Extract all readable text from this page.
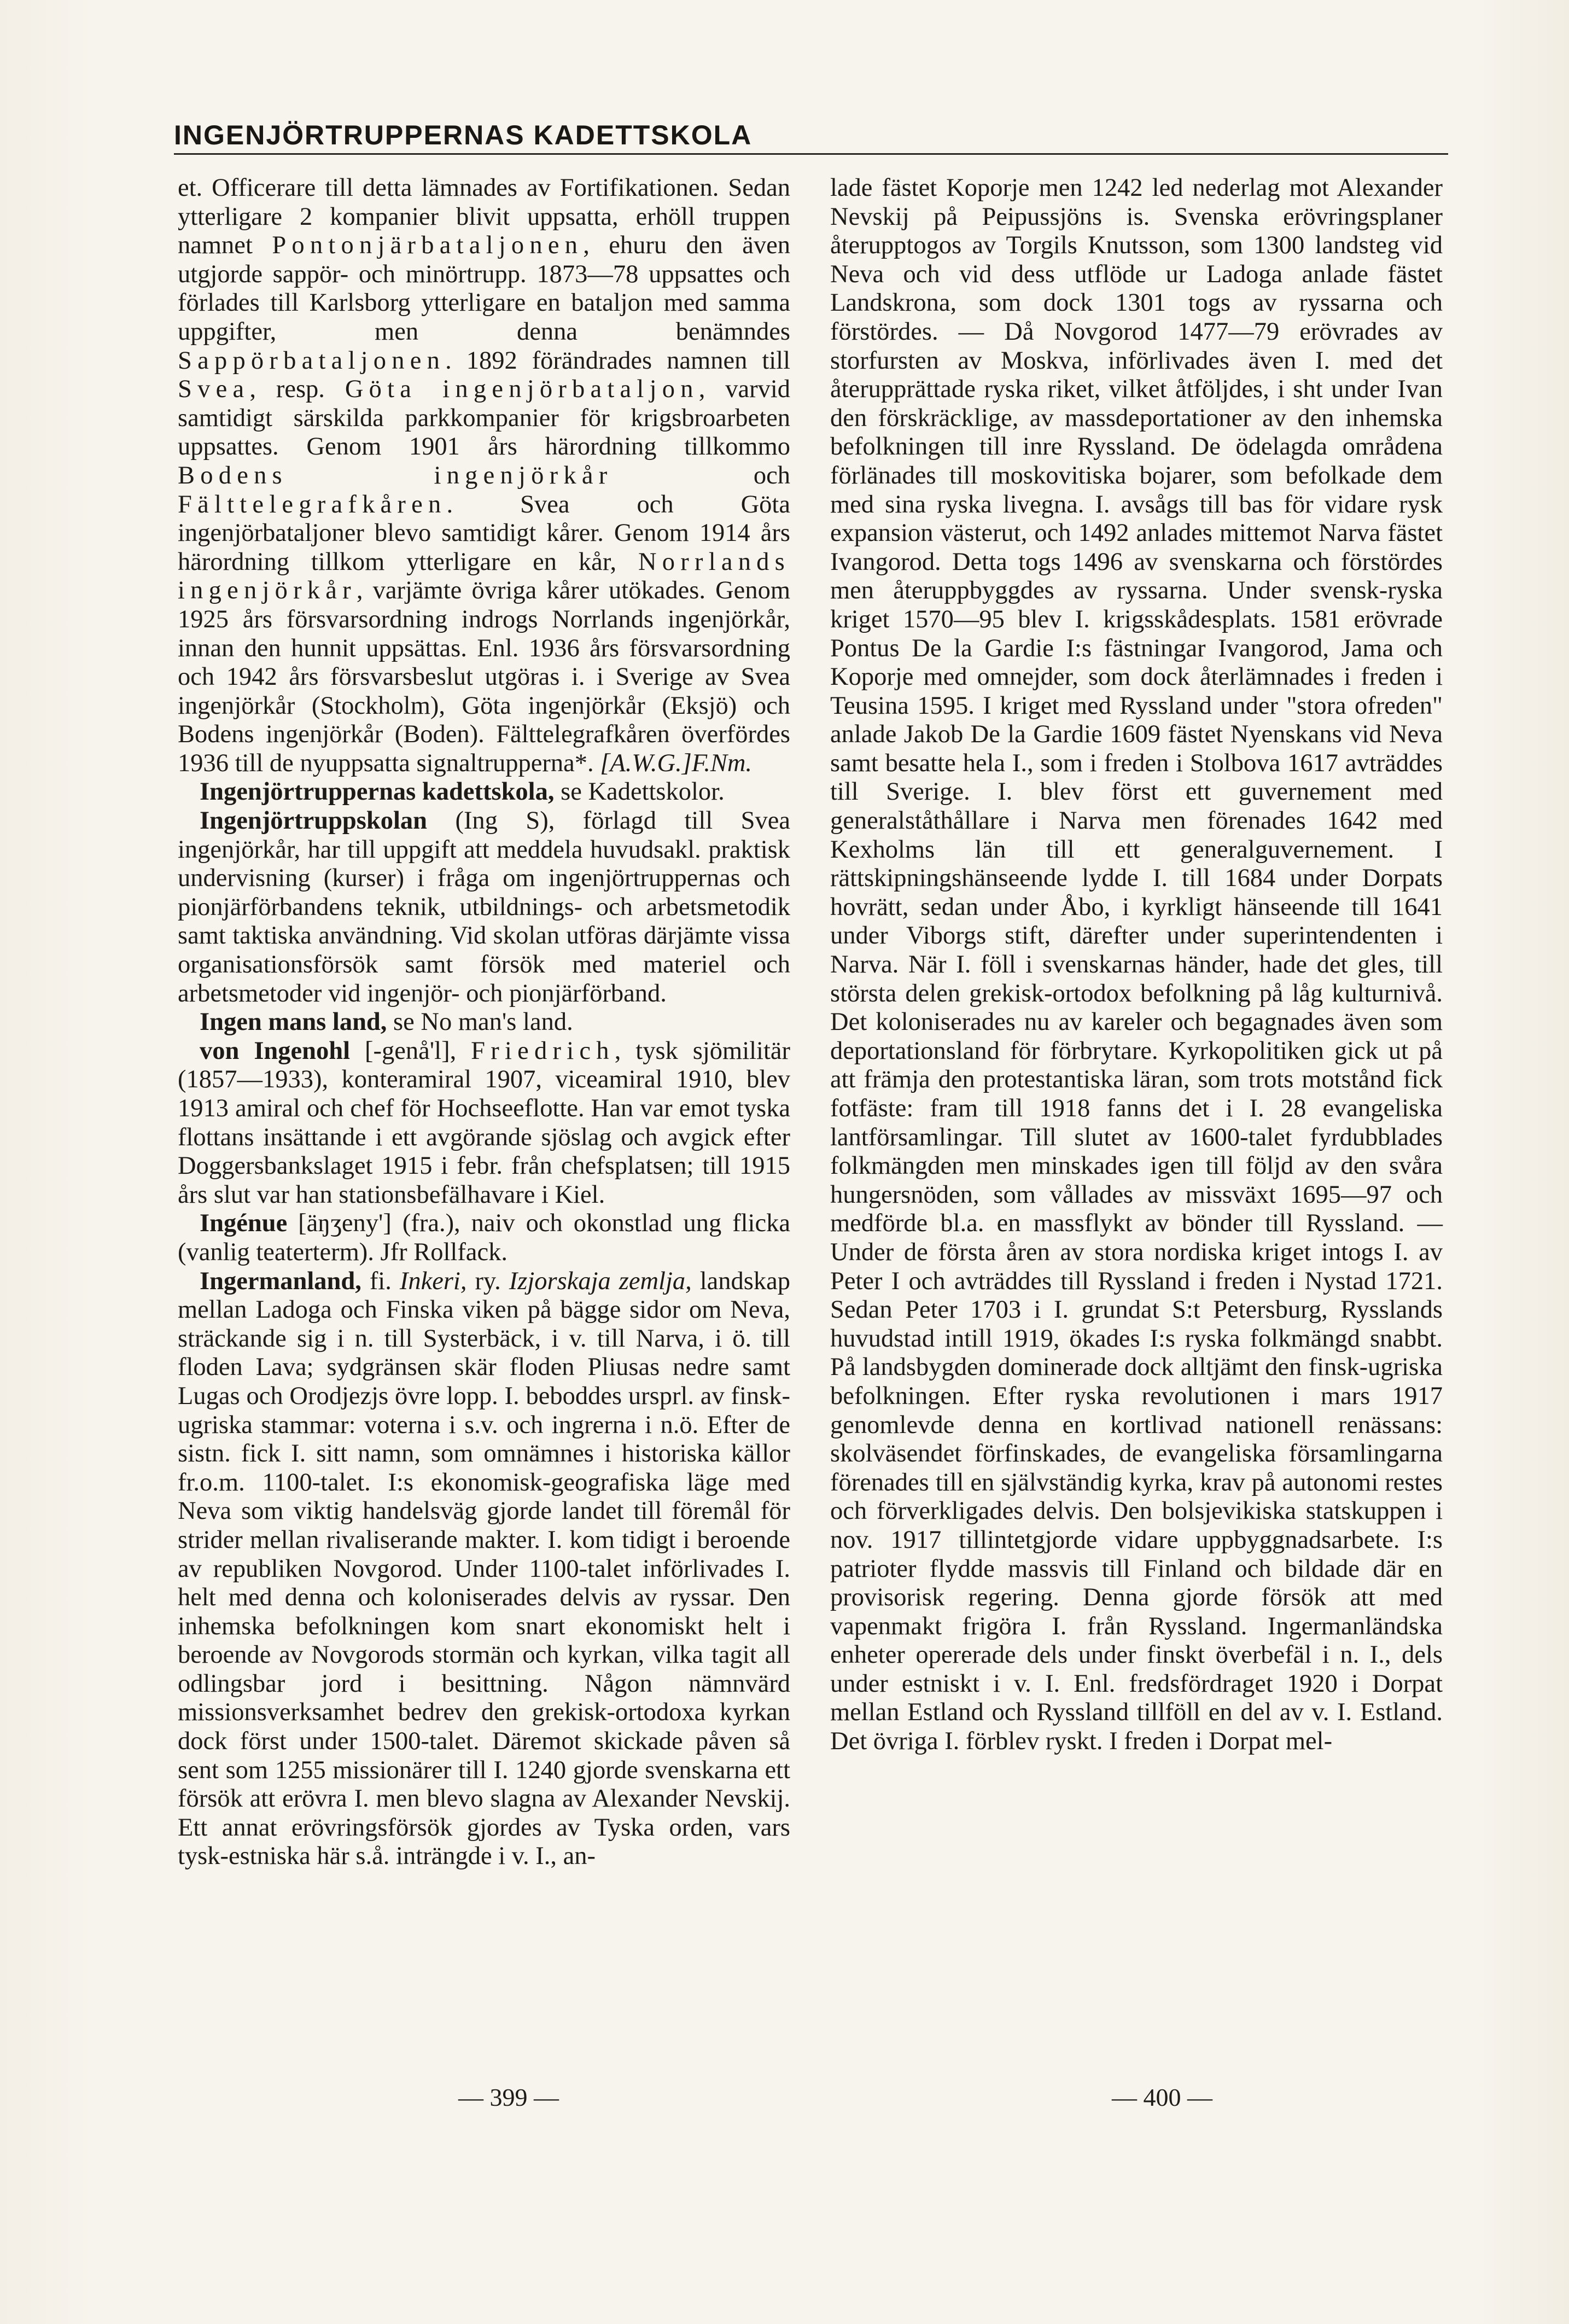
INGENJÖRTRUPPERNAS KADETTSKOLA

et. Officerare till detta lämnades av Fortifikationen. Sedan ytterligare 2 kompanier blivit uppsatta, erhöll truppen namnet Pontonjärbataljonen, ehuru den även utgjorde sappör- och minörtrupp. 1873—78 uppsattes och förlades till Karlsborg ytterligare en bataljon med samma uppgifter, men denna benämndes Sappörbataljonen. 1892 förändrades namnen till Svea, resp. Göta ingenjörbataljon, varvid samtidigt särskilda parkkompanier för krigsbroarbeten uppsattes. Genom 1901 års härordning tillkommo Bodens ingenjörkår och Fälttelegrafkåren. Svea och Göta ingenjörbataljoner blevo samtidigt kårer. Genom 1914 års härordning tillkom ytterligare en kår, Norrlands ingenjörkår, varjämte övriga kårer utökades. Genom 1925 års försvarsordning indrogs Norrlands ingenjörkår, innan den hunnit uppsättas. Enl. 1936 års försvarsordning och 1942 års försvarsbeslut utgöras i. i Sverige av Svea ingenjörkår (Stockholm), Göta ingenjörkår (Eksjö) och Bodens ingenjörkår (Boden). Fälttelegrafkåren överfördes 1936 till de nyuppsatta signaltrupperna*. [A.W.G.]F.Nm.

Ingenjörtruppernas kadettskola, se Kadettskolor.

Ingenjörtruppskolan (Ing S), förlagd till Svea ingenjörkår, har till uppgift att meddela huvudsakl. praktisk undervisning (kurser) i fråga om ingenjörtruppernas och pionjärförbandens teknik, utbildnings- och arbetsmetodik samt taktiska användning. Vid skolan utföras därjämte vissa organisationsförsök samt försök med materiel och arbetsmetoder vid ingenjör- och pionjärförband.

Ingen mans land, se No man's land.

von Ingenohl [-genå'l], Friedrich, tysk sjömilitär (1857—1933), konteramiral 1907, viceamiral 1910, blev 1913 amiral och chef för Hochseeflotte. Han var emot tyska flottans insättande i ett avgörande sjöslag och avgick efter Doggersbankslaget 1915 i febr. från chefsplatsen; till 1915 års slut var han stationsbefälhavare i Kiel.

Ingénue [äŋʒeny'] (fra.), naiv och okonstlad ung flicka (vanlig teaterterm). Jfr Rollfack.

Ingermanland, fi. Inkeri, ry. Izjorskaja zemlja, landskap mellan Ladoga och Finska viken på bägge sidor om Neva, sträckande sig i n. till Systerbäck, i v. till Narva, i ö. till floden Lava; sydgränsen skär floden Pliusas nedre samt Lugas och Orodjezjs övre lopp. I. beboddes ursprl. av finsk-ugriska stammar: voterna i s.v. och ingrerna i n.ö. Efter de sistn. fick I. sitt namn, som omnämnes i historiska källor fr.o.m. 1100-talet. I:s ekonomisk-geografiska läge med Neva som viktig handelsväg gjorde landet till föremål för strider mellan rivaliserande makter. I. kom tidigt i beroende av republiken Novgorod. Under 1100-talet införlivades I. helt med denna och koloniserades delvis av ryssar. Den inhemska befolkningen kom snart ekonomiskt helt i beroende av Novgorods stormän och kyrkan, vilka tagit all odlingsbar jord i besittning. Någon nämnvärd missionsverksamhet bedrev den grekisk-ortodoxa kyrkan dock först under 1500-talet. Däremot skickade påven så sent som 1255 missionärer till I. 1240 gjorde svenskarna ett försök att erövra I. men blevo slagna av Alexander Nevskij. Ett annat erövringsförsök gjordes av Tyska orden, vars tysk-estniska här s.å. inträngde i v. I., an-

lade fästet Koporje men 1242 led nederlag mot Alexander Nevskij på Peipussjöns is. Svenska erövringsplaner återupptogos av Torgils Knutsson, som 1300 landsteg vid Neva och vid dess utflöde ur Ladoga anlade fästet Landskrona, som dock 1301 togs av ryssarna och förstördes. — Då Novgorod 1477—79 erövrades av storfursten av Moskva, införlivades även I. med det återupprättade ryska riket, vilket åtföljdes, i sht under Ivan den förskräcklige, av massdeportationer av den inhemska befolkningen till inre Ryssland. De ödelagda områdena förlänades till moskovitiska bojarer, som befolkade dem med sina ryska livegna. I. avsågs till bas för vidare rysk expansion västerut, och 1492 anlades mittemot Narva fästet Ivangorod. Detta togs 1496 av svenskarna och förstördes men återuppbyggdes av ryssarna. Under svensk-ryska kriget 1570—95 blev I. krigsskådesplats. 1581 erövrade Pontus De la Gardie I:s fästningar Ivangorod, Jama och Koporje med omnejder, som dock återlämnades i freden i Teusina 1595. I kriget med Ryssland under "stora ofreden" anlade Jakob De la Gardie 1609 fästet Nyenskans vid Neva samt besatte hela I., som i freden i Stolbova 1617 avträddes till Sverige. I. blev först ett guvernement med generalståthållare i Narva men förenades 1642 med Kexholms län till ett generalguvernement. I rättskipningshänseende lydde I. till 1684 under Dorpats hovrätt, sedan under Åbo, i kyrkligt hänseende till 1641 under Viborgs stift, därefter under superintendenten i Narva. När I. föll i svenskarnas händer, hade det gles, till största delen grekisk-ortodox befolkning på låg kulturnivå. Det koloniserades nu av kareler och begagnades även som deportationsland för förbrytare. Kyrkopolitiken gick ut på att främja den protestantiska läran, som trots motstånd fick fotfäste: fram till 1918 fanns det i I. 28 evangeliska lantförsamlingar. Till slutet av 1600-talet fyrdubblades folkmängden men minskades igen till följd av den svåra hungersnöden, som vållades av missväxt 1695—97 och medförde bl.a. en massflykt av bönder till Ryssland. — Under de första åren av stora nordiska kriget intogs I. av Peter I och avträddes till Ryssland i freden i Nystad 1721. Sedan Peter 1703 i I. grundat S:t Petersburg, Rysslands huvudstad intill 1919, ökades I:s ryska folkmängd snabbt. På landsbygden dominerade dock alltjämt den finsk-ugriska befolkningen. Efter ryska revolutionen i mars 1917 genomlevde denna en kortlivad nationell renässans: skolväsendet förfinskades, de evangeliska församlingarna förenades till en självständig kyrka, krav på autonomi restes och förverkligades delvis. Den bolsjevikiska statskuppen i nov. 1917 tillintetgjorde vidare uppbyggnadsarbete. I:s patrioter flydde massvis till Finland och bildade där en provisorisk regering. Denna gjorde försök att med vapenmakt frigöra I. från Ryssland. Ingermanländska enheter opererade dels under finskt överbefäl i n. I., dels under estniskt i v. I. Enl. fredsfördraget 1920 i Dorpat mellan Estland och Ryssland tillföll en del av v. I. Estland. Det övriga I. förblev ryskt. I freden i Dorpat mel-

— 399 —	— 400 —
